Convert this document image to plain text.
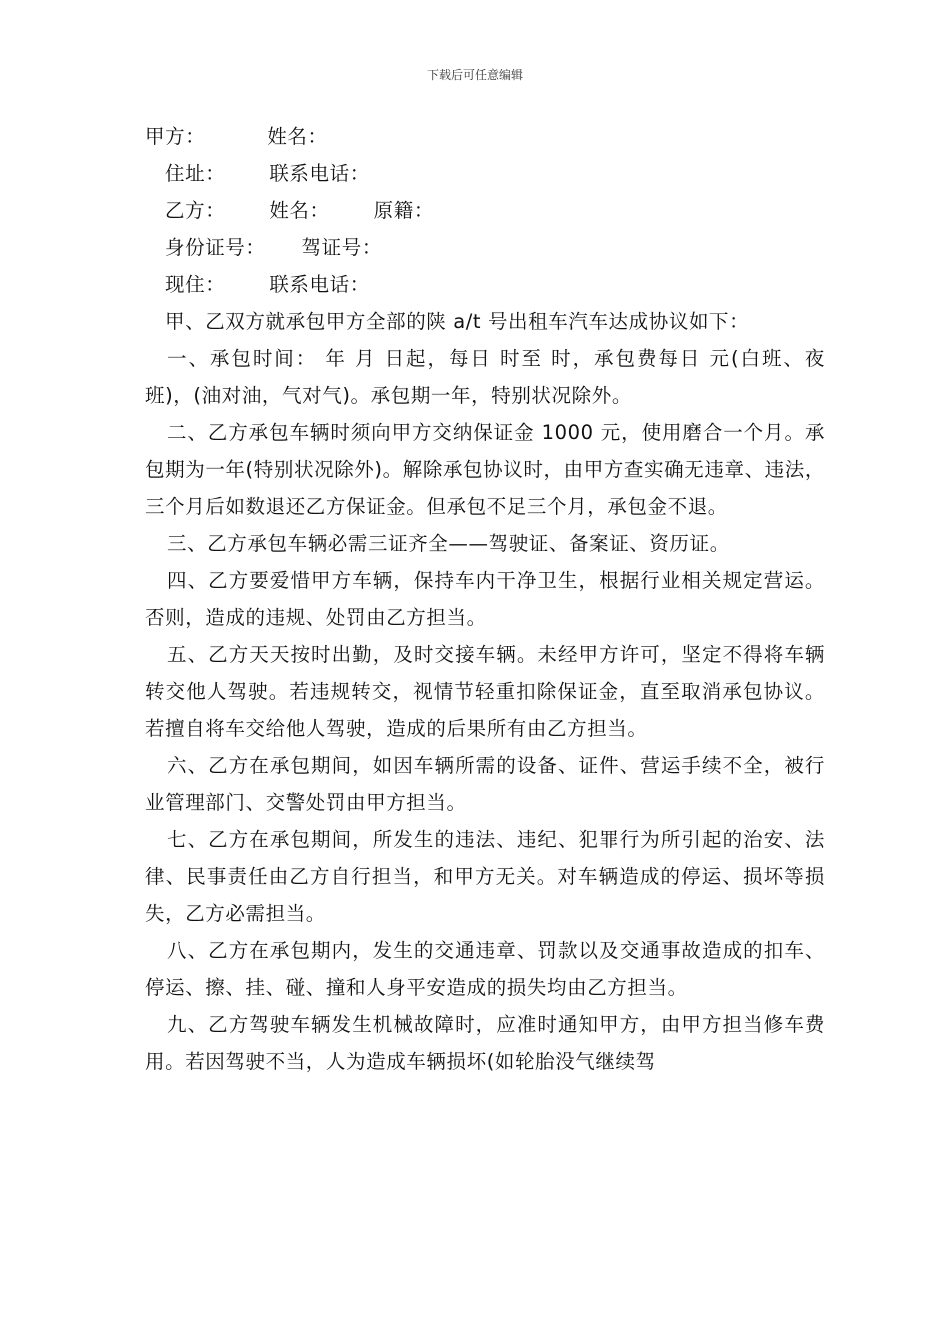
下载后可任意编辑
甲方：	姓名：
住址： 联系电话：
乙方： 姓名： 原籍：
身份证号： 驾证号：
现住： 联系电话：
甲、乙双方就承包甲方全部的陕 a/t 号出租车汽车达成协议如下：
一、承包时间： 年 月 日起，每日 时至 时，承包费每日 元(白班、夜班)，(油对油，气对气)。承包期一年，特别状况除外。
二、乙方承包车辆时须向甲方交纳保证金 1000 元，使用磨合一个月。承包期为一年(特别状况除外)。解除承包协议时，由甲方查实确无违章、违法，三个月后如数退还乙方保证金。但承包不足三个月，承包金不退。
三、乙方承包车辆必需三证齐全——驾驶证、备案证、资历证。
四、乙方要爱惜甲方车辆，保持车内干净卫生，根据行业相关规定营运。否则，造成的违规、处罚由乙方担当。
五、乙方天天按时出勤，及时交接车辆。未经甲方许可，坚定不得将车辆转交他人驾驶。若违规转交，视情节轻重扣除保证金，直至取消承包协议。若擅自将车交给他人驾驶，造成的后果所有由乙方担当。
六、乙方在承包期间，如因车辆所需的设备、证件、营运手续不全，被行业管理部门、交警处罚由甲方担当。
七、乙方在承包期间，所发生的违法、违纪、犯罪行为所引起的治安、法律、民事责任由乙方自行担当，和甲方无关。对车辆造成的停运、损坏等损失，乙方必需担当。
八、乙方在承包期内，发生的交通违章、罚款以及交通事故造成的扣车、停运、擦、挂、碰、撞和人身平安造成的损失均由乙方担当。
九、乙方驾驶车辆发生机械故障时，应准时通知甲方，由甲方担当修车费用。若因驾驶不当，人为造成车辆损坏(如轮胎没气继续驾
